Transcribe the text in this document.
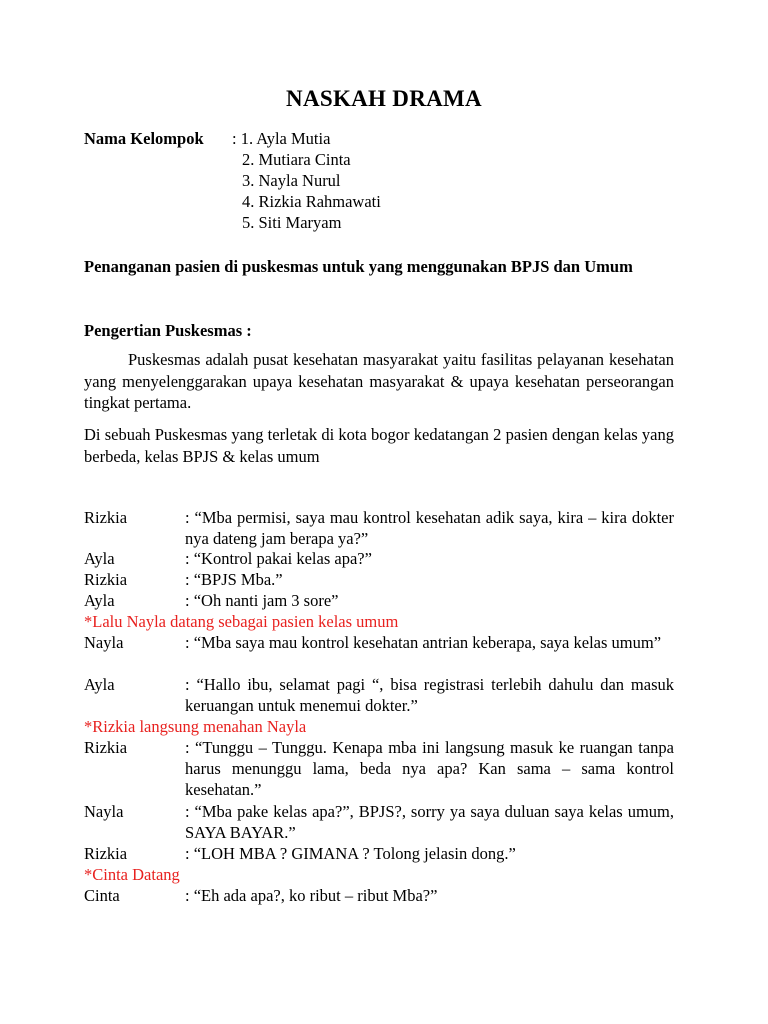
NASKAH DRAMA
Nama Kelompok : 1. Ayla Mutia
2. Mutiara Cinta
3. Nayla Nurul
4. Rizkia Rahmawati
5. Siti Maryam
Penanganan pasien di puskesmas untuk yang menggunakan BPJS dan Umum
Pengertian Puskesmas :
Puskesmas adalah pusat kesehatan masyarakat yaitu fasilitas pelayanan kesehatan yang menyelenggarakan upaya kesehatan masyarakat & upaya kesehatan perseorangan tingkat pertama.
Di sebuah Puskesmas yang terletak di kota bogor kedatangan 2 pasien dengan kelas yang berbeda, kelas BPJS & kelas umum
Rizkia	: “Mba permisi, saya mau kontrol kesehatan adik saya, kira – kira dokter nya dateng jam berapa ya?”
Ayla	: “Kontrol pakai kelas apa?”
Rizkia	: “BPJS Mba.”
Ayla	: “Oh nanti jam 3 sore”
*Lalu Nayla datang sebagai pasien kelas umum
Nayla	: “Mba saya mau kontrol kesehatan antrian keberapa, saya kelas umum”
Ayla	: “Hallo ibu, selamat pagi “, bisa registrasi terlebih dahulu dan masuk keruangan untuk menemui dokter.”
*Rizkia langsung menahan Nayla
Rizkia	: “Tunggu – Tunggu. Kenapa mba ini langsung masuk ke ruangan tanpa harus menunggu lama, beda nya apa? Kan sama – sama kontrol kesehatan.”
Nayla	: “Mba pake kelas apa?”, BPJS?, sorry ya saya duluan saya kelas umum, SAYA BAYAR.”
Rizkia	: “LOH MBA ? GIMANA ? Tolong jelasin dong.”
*Cinta Datang
Cinta	: “Eh ada apa?, ko ribut – ribut Mba?”
